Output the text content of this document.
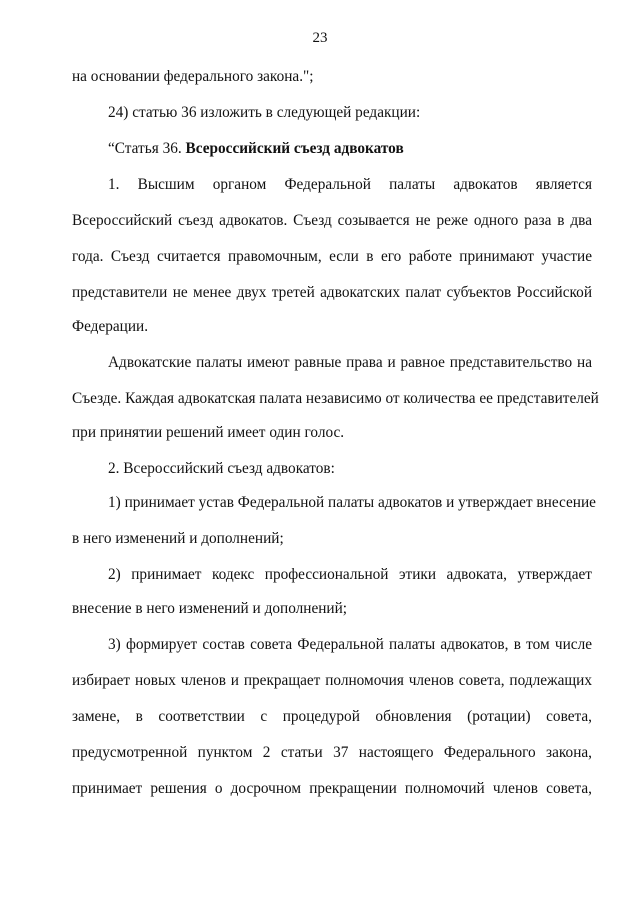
23
на основании федерального закона.";
24) статью 36 изложить в следующей редакции:
“Статья 36. Всероссийский съезд адвокатов
1. Высшим органом Федеральной палаты адвокатов является
Всероссийский съезд адвокатов. Съезд созывается не реже одного раза в два
года. Съезд считается правомочным, если в его работе принимают участие
представители не менее двух третей адвокатских палат субъектов Российской
Федерации.
Адвокатские палаты имеют равные права и равное представительство на
Съезде. Каждая адвокатская палата независимо от количества ее представителей
при принятии решений имеет один голос.
2. Всероссийский съезд адвокатов:
1) принимает устав Федеральной палаты адвокатов и утверждает внесение
в него изменений и дополнений;
2) принимает кодекс профессиональной этики адвоката, утверждает
внесение в него изменений и дополнений;
3) формирует состав совета Федеральной палаты адвокатов, в том числе
избирает новых членов и прекращает полномочия членов совета, подлежащих
замене, в соответствии с процедурой обновления (ротации) совета,
предусмотренной пунктом 2 статьи 37 настоящего Федерального закона,
принимает решения о досрочном прекращении полномочий членов совета,
